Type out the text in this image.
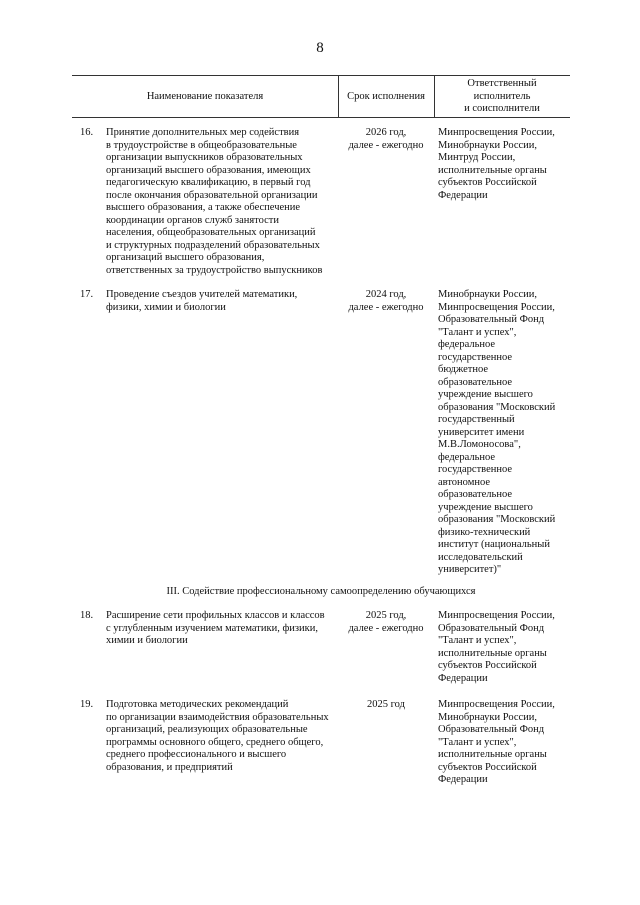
8
Наименование показателя	Срок исполнения
Ответственный
исполнитель
и соисполнители
16. Принятие дополнительных мер содействия
в трудоустройстве в общеобразовательные
организации выпускников образовательных
организаций высшего образования, имеющих
педагогическую квалификацию, в первый год
после окончания образовательной организации
высшего образования, а также обеспечение
координации органов служб занятости
населения, общеобразовательных организаций
и структурных подразделений образовательных
организаций высшего образования,
ответственных за трудоустройство выпускников
2026 год,
далее - ежегодно
Минпросвещения России,
Минобрнауки России,
Минтруд России,
исполнительные органы
субъектов Российской
Федерации
17. Проведение съездов учителей математики,
физики, химии и биологии
2024 год,
далее - ежегодно
Минобрнауки России,
Минпросвещения России,
Образовательный Фонд
"Талант и успех",
федеральное
государственное
бюджетное
образовательное
учреждение высшего
образования "Московский
государственный
университет имени
М.В.Ломоносова",
федеральное
государственное
автономное
образовательное
учреждение высшего
образования "Московский
физико-технический
институт (национальный
исследовательский
университет)"
III. Содействие профессиональному самоопределению обучающихся
18. Расширение сети профильных классов и классов
с углубленным изучением математики, физики,
химии и биологии
2025 год,
далее - ежегодно
Минпросвещения России,
Образовательный Фонд
"Талант и успех",
исполнительные органы
субъектов Российской
Федерации
19. Подготовка методических рекомендаций
по организации взаимодействия образовательных
организаций, реализующих образовательные
программы основного общего, среднего общего,
среднего профессионального и высшего
образования, и предприятий
2025 год	Минпросвещения России,
Минобрнауки России,
Образовательный Фонд
"Талант и успех",
исполнительные органы
субъектов Российской
Федерации
